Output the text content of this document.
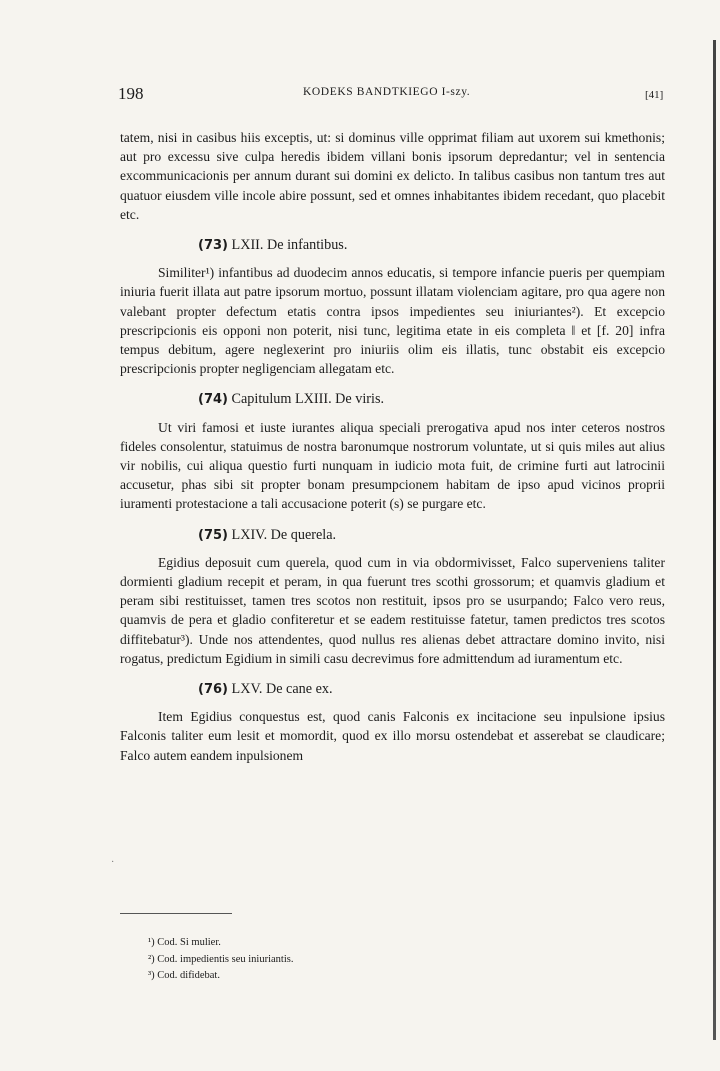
198	KODEKS BANDTKIEGO I-szy.	[41]

tatem, nisi in casibus hiis exceptis, ut: si dominus ville opprimat filiam aut uxorem sui kmethonis; aut pro excessu sive culpa heredis ibidem villani bonis ipsorum depredantur; vel in sentencia excommunicacionis per annum durant sui domini ex delicto. In talibus casibus non tantum tres aut quatuor eiusdem ville incole abire possunt, sed et omnes inhabitantes ibidem recedant, quo placebit etc.

(73) LXII. De infantibus.

Similiter¹) infantibus ad duodecim annos educatis, si tempore infancie pueris per quempiam iniuria fuerit illata aut patre ipsorum mortuo, possunt illatam violenciam agitare, pro qua agere non valebant propter defectum etatis contra ipsos impedientes seu iniuriantes²). Et excepcio prescripcionis eis opponi non poterit, nisi tunc, legitima etate in eis completa ‖ et [f. 20] infra tempus debitum, agere neglexerint pro iniuriis olim eis illatis, tunc obstabit eis excepcio prescripcionis propter negligenciam allegatam etc.

(74) Capitulum LXIII. De viris.

Ut viri famosi et iuste iurantes aliqua speciali prerogativa apud nos inter ceteros nostros fideles consolentur, statuimus de nostra baronumque nostrorum voluntate, ut si quis miles aut alius vir nobilis, cui aliqua questio furti nunquam in iudicio mota fuit, de crimine furti aut latrocinii accusetur, phas sibi sit propter bonam presumpcionem habitam de ipso apud vicinos proprii iuramenti protestacione a tali accusacione poterit (s) se purgare etc.

(75) LXIV. De querela.

Egidius deposuit cum querela, quod cum in via obdormivisset, Falco superveniens taliter dormienti gladium recepit et peram, in qua fuerunt tres scothi grossorum; et quamvis gladium et peram sibi restituisset, tamen tres scotos non restituit, ipsos pro se usurpando; Falco vero reus, quamvis de pera et gladio confiteretur et se eadem restituisse fatetur, tamen predictos tres scotos diffitebatur³). Unde nos attendentes, quod nullus res alienas debet attractare domino invito, nisi rogatus, predictum Egidium in simili casu decrevimus fore admittendum ad iuramentum etc.

(76) LXV. De cane ex.

Item Egidius conquestus est, quod canis Falconis ex incitacione seu inpulsione ipsius Falconis taliter eum lesit et momordit, quod ex illo morsu ostendebat et asserebat se claudicare; Falco autem eandem inpulsionem

·
¹) Cod. Si mulier.
²) Cod. impedientis seu iniuriantis.
³) Cod. difidebat.
